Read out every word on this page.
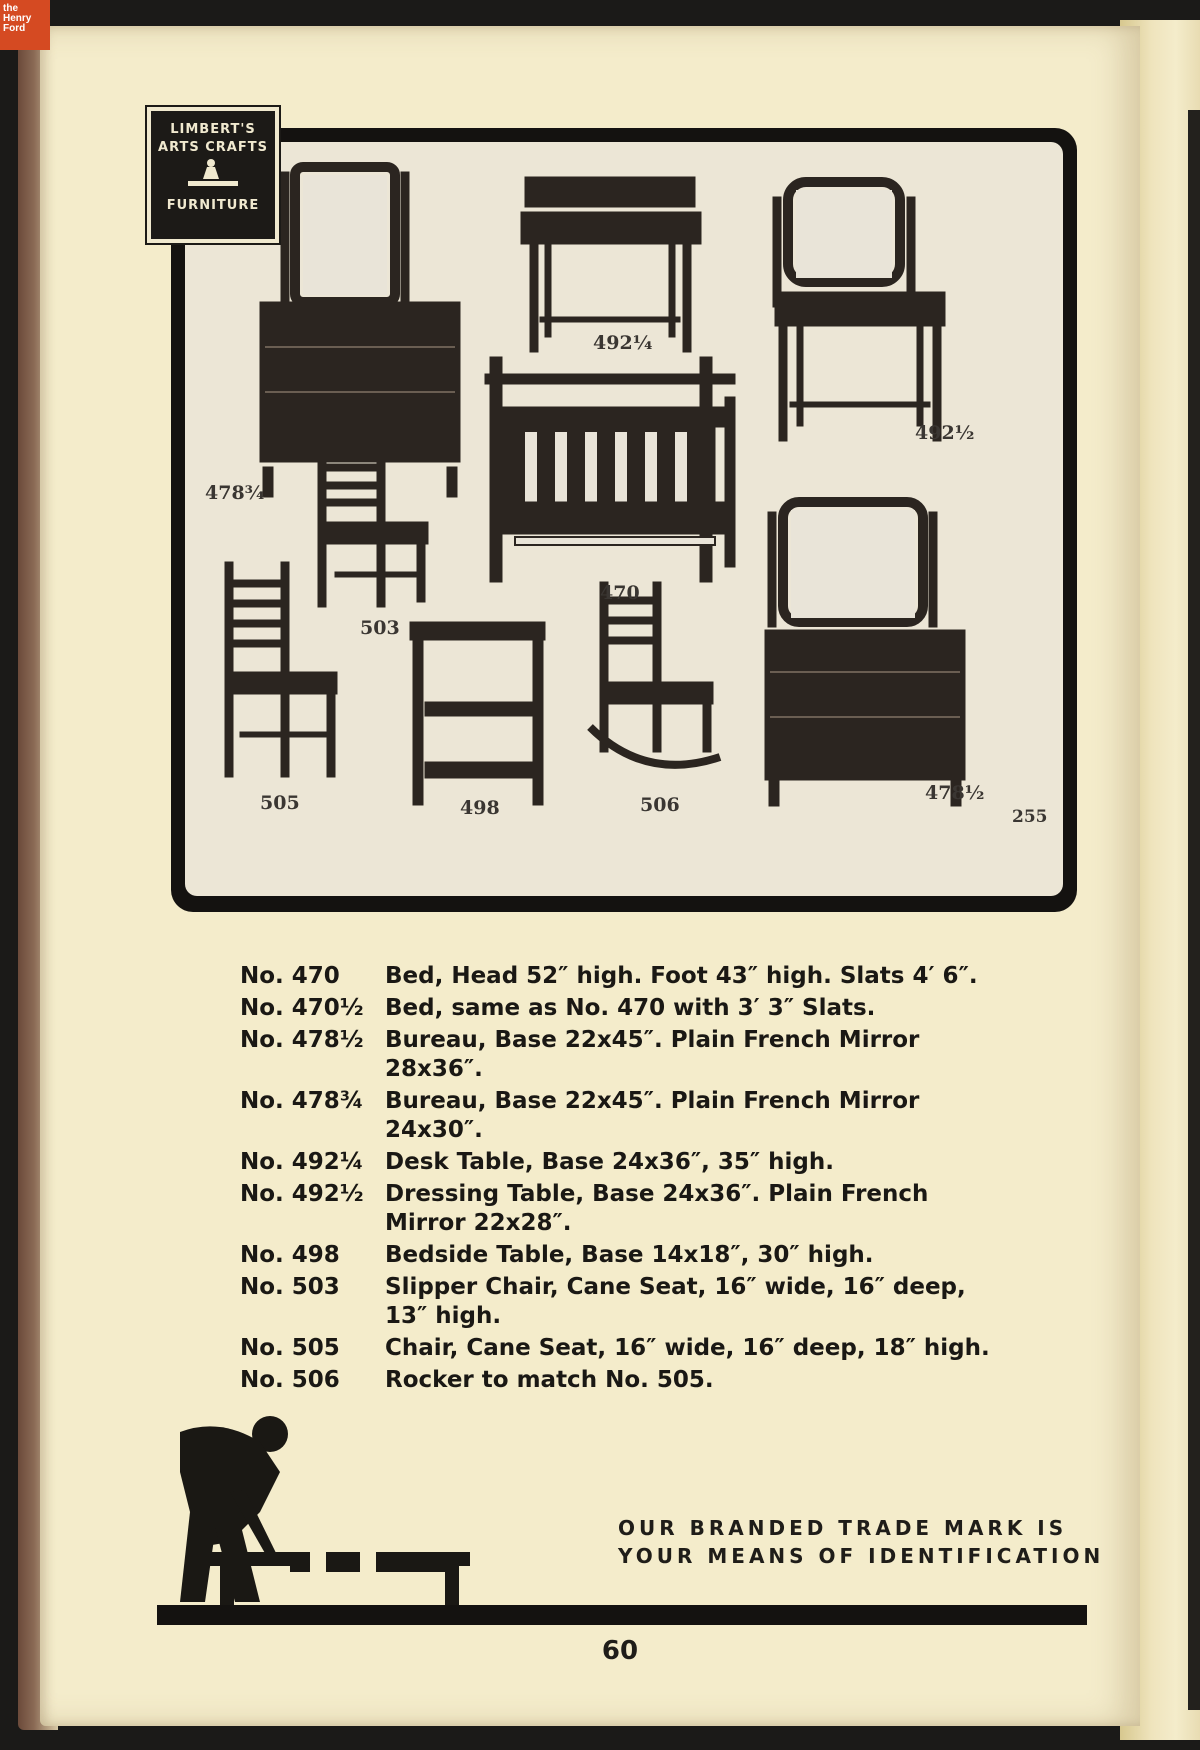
the
Henry
Ford
478¾
492¼
492½
470
503
505	498	506
478½
255
LIMBERT'S
ARTS CRAFTS
FURNITURE
No. 470	Bed, Head 52″ high. Foot 43″ high. Slats 4′ 6″.
No. 470½ Bed, same as No. 470 with 3′ 3″ Slats.
No. 478½ Bureau, Base 22x45″. Plain French Mirror 28x36″.
No. 478¾ Bureau, Base 22x45″. Plain French Mirror 24x30″.
No. 492¼ Desk Table, Base 24x36″, 35″ high.
No. 492½ Dressing Table, Base 24x36″. Plain French Mirror 22x28″.
No. 498	Bedside Table, Base 14x18″, 30″ high.
No. 503	Slipper Chair, Cane Seat, 16″ wide, 16″ deep, 13″ high.
No. 505	Chair, Cane Seat, 16″ wide, 16″ deep, 18″ high.
No. 506	Rocker to match No. 505.
OUR BRANDED TRADE MARK IS
YOUR MEANS OF IDENTIFICATION
60
